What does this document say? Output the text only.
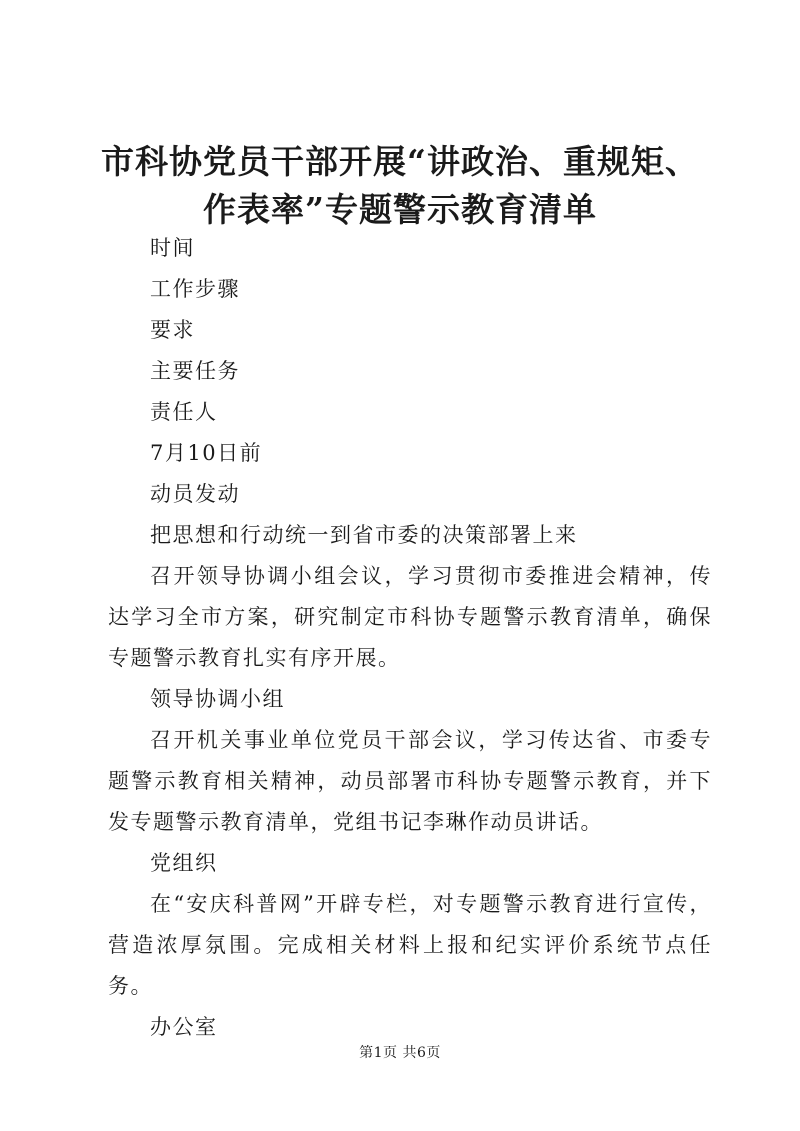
市科协党员干部开展“讲政治、重规矩、作表率”专题警示教育清单

时间

工作步骤

要求

主要任务

责任人

7月10日前

动员发动

把思想和行动统一到省市委的决策部署上来

召开领导协调小组会议，学习贯彻市委推进会精神，传达学习全市方案，研究制定市科协专题警示教育清单，确保专题警示教育扎实有序开展。

领导协调小组

召开机关事业单位党员干部会议，学习传达省、市委专题警示教育相关精神，动员部署市科协专题警示教育，并下发专题警示教育清单，党组书记李琳作动员讲话。

党组织

在“安庆科普网”开辟专栏，对专题警示教育进行宣传，营造浓厚氛围。完成相关材料上报和纪实评价系统节点任务。

办公室

第1页 共6页
